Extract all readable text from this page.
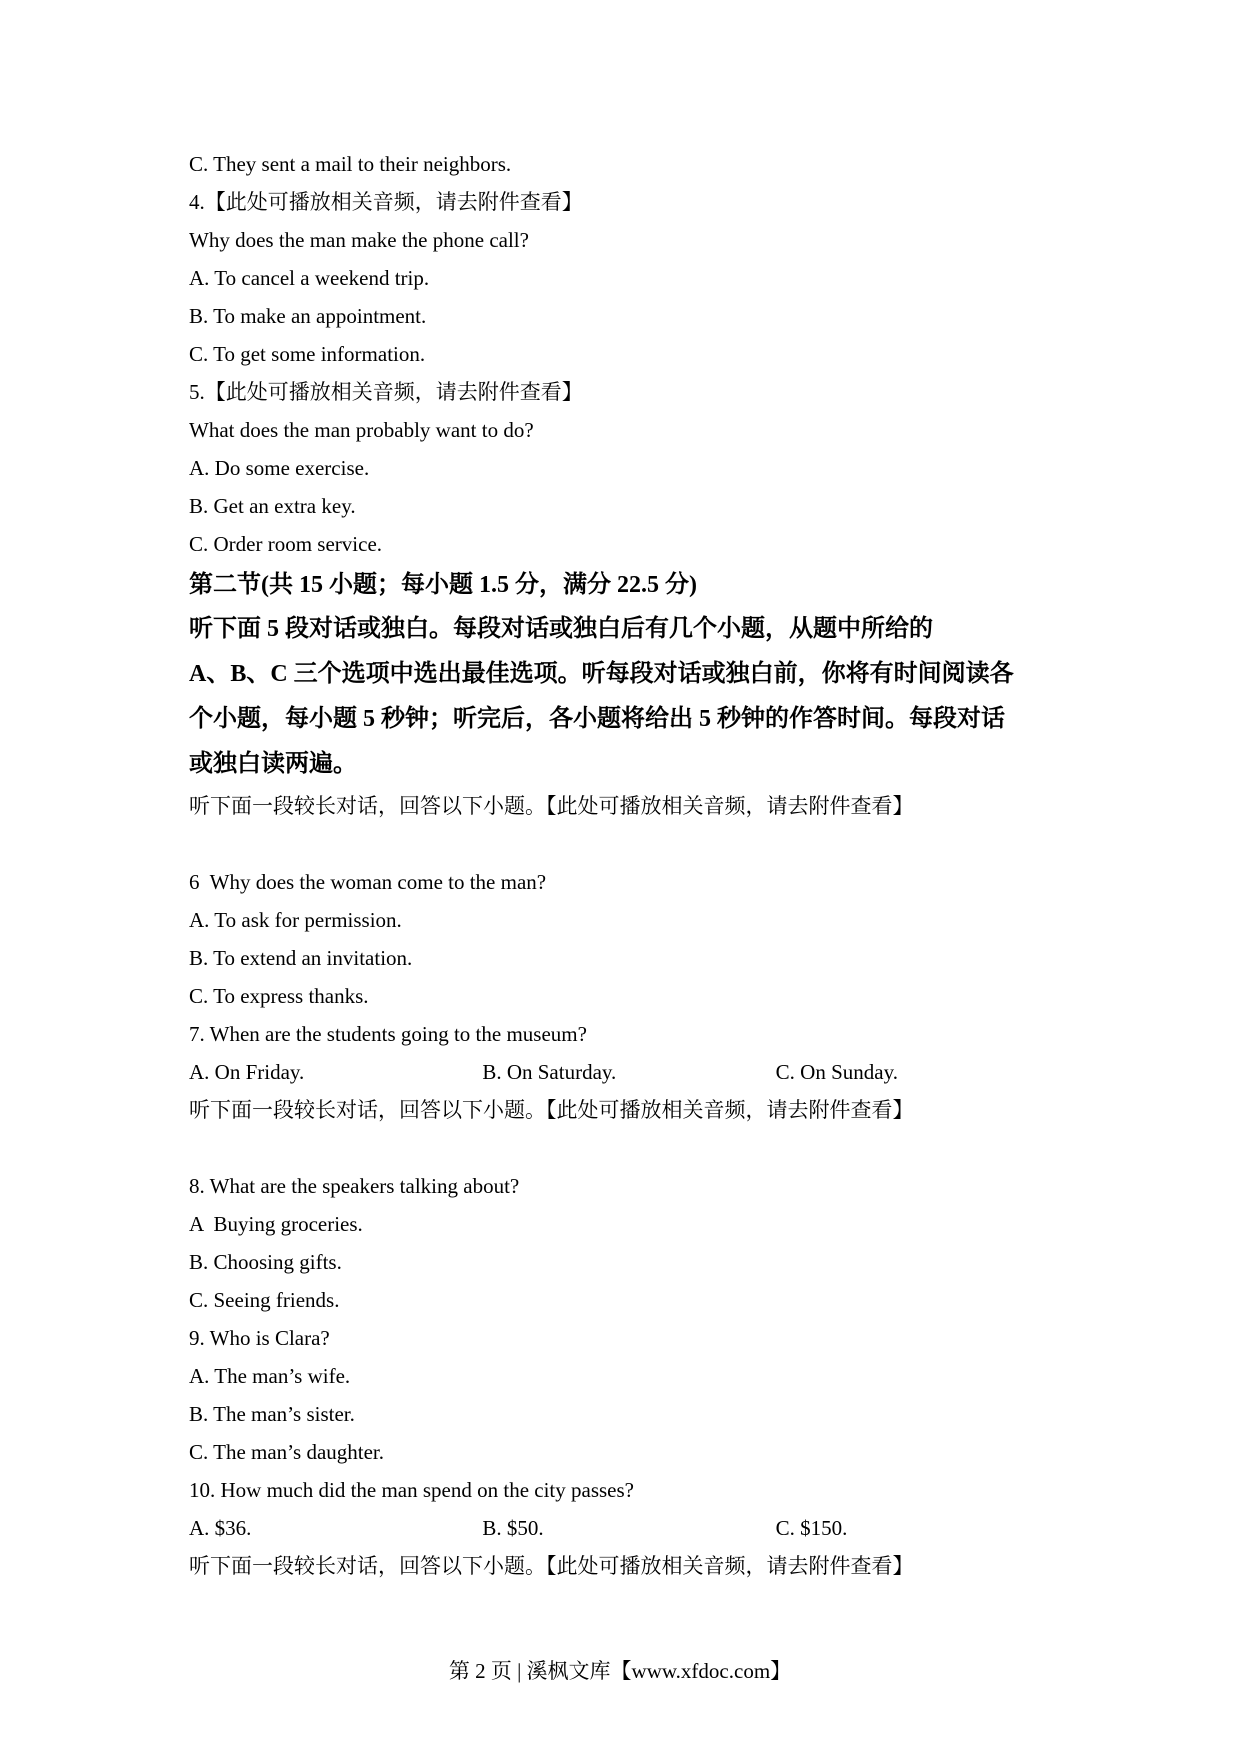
C. They sent a mail to their neighbors.
4.【此处可播放相关音频，请去附件查看】
Why does the man make the phone call?
A. To cancel a weekend trip.
B. To make an appointment.
C. To get some information.
5.【此处可播放相关音频，请去附件查看】
What does the man probably want to do?
A. Do some exercise.
B. Get an extra key.
C. Order room service.
第二节(共 15 小题；每小题 1.5 分，满分 22.5 分)
听下面 5 段对话或独白。每段对话或独白后有几个小题，从题中所给的
A、B、C 三个选项中选出最佳选项。听每段对话或独白前，你将有时间阅读各
个小题，每小题 5 秒钟；听完后，各小题将给出 5 秒钟的作答时间。每段对话
或独白读两遍。
听下面一段较长对话，回答以下小题。【此处可播放相关音频，请去附件查看】
6  Why does the woman come to the man?
A. To ask for permission.
B. To extend an invitation.
C. To express thanks.
7. When are the students going to the museum?
A. On Friday.	B. On Saturday.	C. On Sunday.
听下面一段较长对话，回答以下小题。【此处可播放相关音频，请去附件查看】
8. What are the speakers talking about?
A  Buying groceries.
B. Choosing gifts.
C. Seeing friends.
9. Who is Clara?
A. The man’s wife.
B. The man’s sister.
C. The man’s daughter.
10. How much did the man spend on the city passes?
A. $36.	B. $50.	C. $150.
听下面一段较长对话，回答以下小题。【此处可播放相关音频，请去附件查看】
第 2 页 | 溪枫文库【www.xfdoc.com】
